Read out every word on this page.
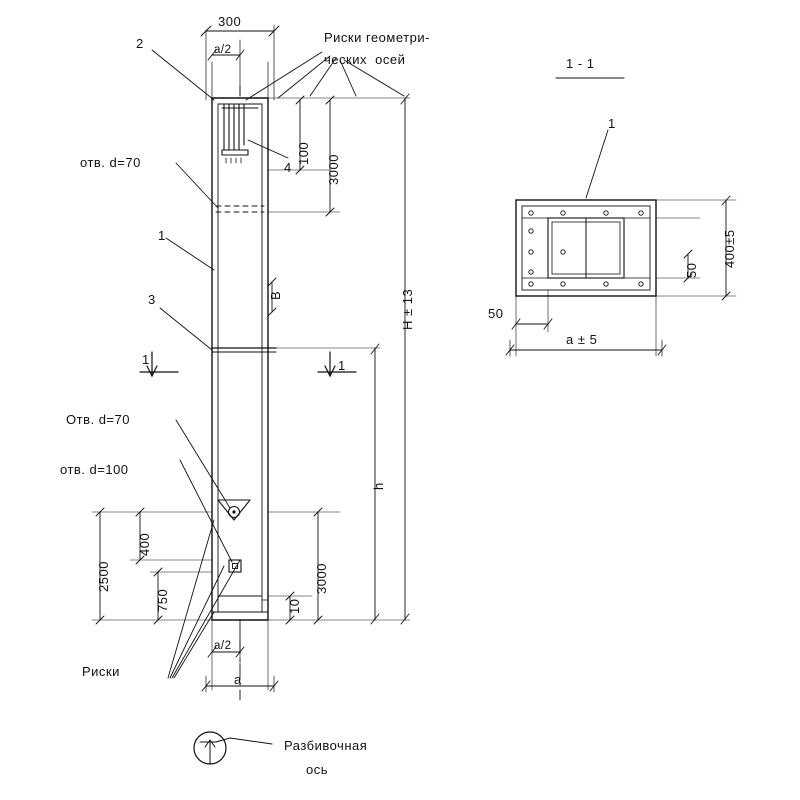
300
a/2
2	Риски геометри-
ческих  осей
4
отв. d=70
1
3
Отв. d=70
отв. d=100
Риски
Разбивочная
ось
1	1
100
3000
H ± 13
h
B
3000
10
2500
400
750
a/2
a
1 - 1
1
400±5
50
50
a ± 5
